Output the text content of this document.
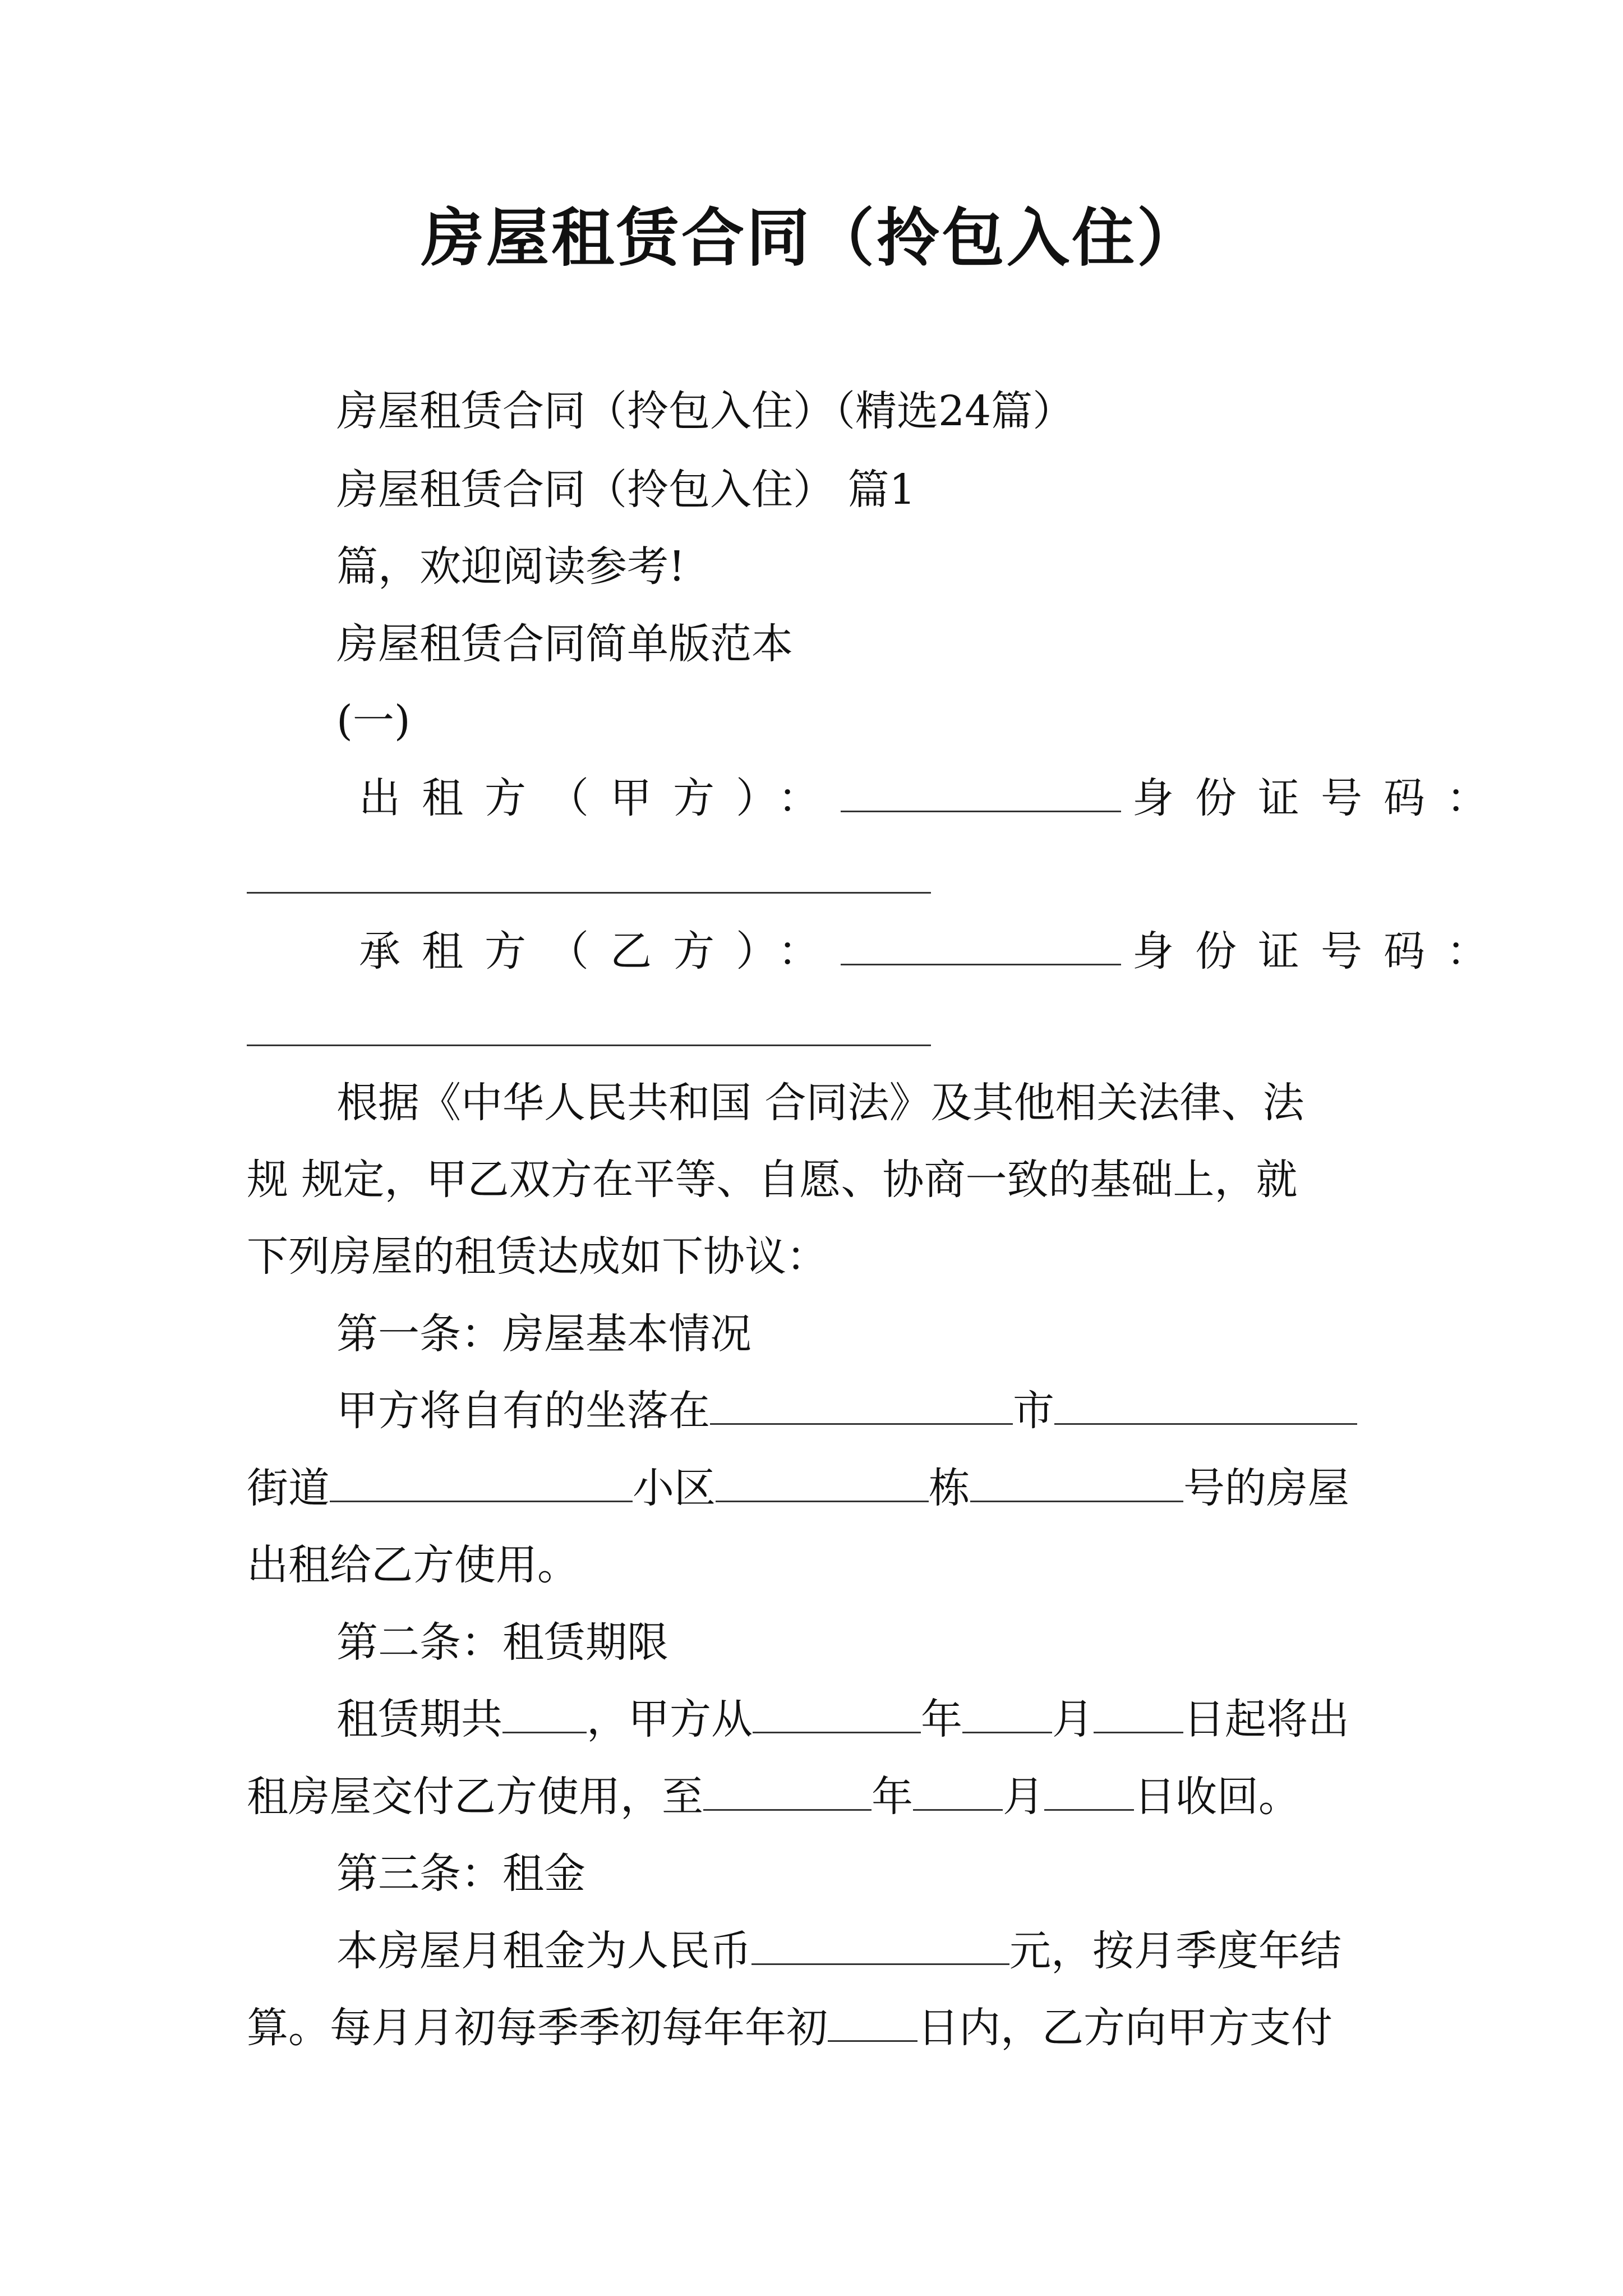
房屋租赁合同（拎包入住）
房屋租赁合同（拎包入住）（精选24篇）
房屋租赁合同（拎包入住） 篇1
篇，欢迎阅读参考!
房屋租赁合同简单版范本
(一)
出租方（甲方）：	身份证号码：
承租方（乙方）：	身份证号码：
根据《中华人民共和国 合同法》及其他相关法律、法
规 规定，甲乙双方在平等、自愿、协商一致的基础上，就
下列房屋的租赁达成如下协议：
第一条：房屋基本情况
甲方将自有的坐落在	市
街道	小区	栋	号的房屋
出租给乙方使用。
第二条：租赁期限
租赁期共 ，甲方从	年 月 日起将出
租房屋交付乙方使用，至	年 月 日收回。
第三条：租金
本房屋月租金为人民币	元，按月季度年结
算。每月月初每季季初每年年初 日内，乙方向甲方支付
